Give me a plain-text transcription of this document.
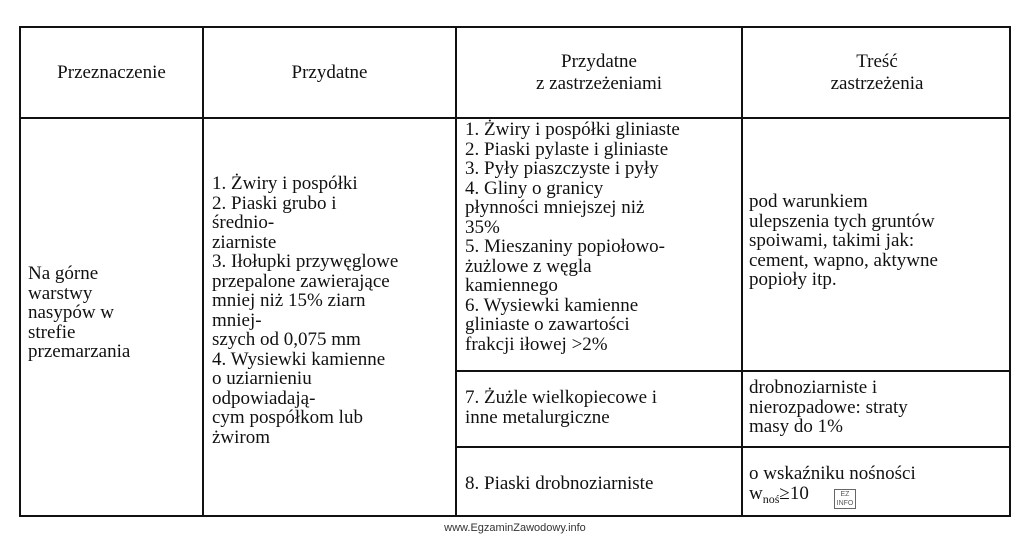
Przeznaczenie	Przydatne
Przydatne
z zastrzeżeniami
Treść
zastrzeżenia
Na górne
warstwy
nasypów w
strefie
przemarzania
1. Żwiry i pospółki
2. Piaski grubo i
średnio-
ziarniste
3. Iłołupki przywęglowe
przepalone zawierające
mniej niż 15% ziarn
mniej-
szych od 0,075 mm
4. Wysiewki kamienne
o uziarnieniu
odpowiadają-
cym pospółkom lub
żwirom
1. Żwiry i pospółki gliniaste
2. Piaski pylaste i gliniaste
3. Pyły piaszczyste i pyły
4. Gliny o granicy
płynności mniejszej niż
35%
5. Mieszaniny popiołowo-
żużlowe z węgla
kamiennego
6. Wysiewki kamienne
gliniaste o zawartości
frakcji iłowej >2%
7. Żużle wielkopiecowe i
inne metalurgiczne
8. Piaski drobnoziarniste
pod warunkiem
ulepszenia tych gruntów
spoiwami, takimi jak:
cement, wapno, aktywne
popioły itp.
drobnoziarniste i
nierozpadowe: straty
masy do 1%
o wskaźniku nośności
$w_{noś}\ge 10$	EZ INFO
www.EgzaminZawodowy.info
